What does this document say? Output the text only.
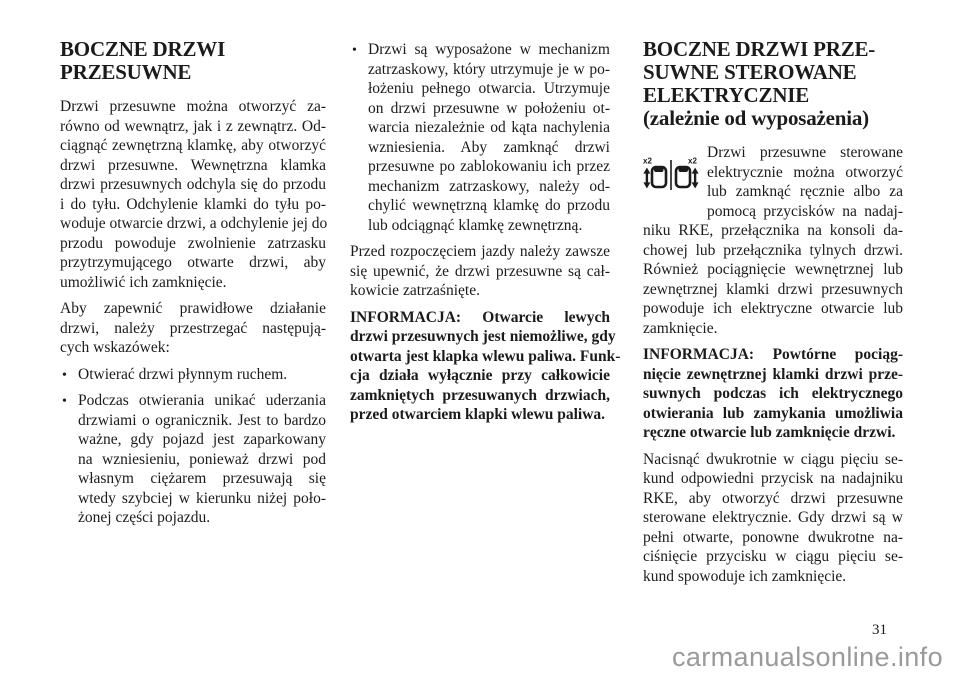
BOCZNE DRZWI
PRZESUWNE
Drzwi przesuwne można otworzyć za-
równo od wewnątrz, jak i z zewnątrz. Od-
ciągnąć zewnętrzną klamkę, aby otworzyć
drzwi przesuwne. Wewnętrzna klamka
drzwi przesuwnych odchyla się do przodu
i do tyłu. Odchylenie klamki do tyłu po-
woduje otwarcie drzwi, a odchylenie jej do
przodu powoduje zwolnienie zatrzasku
przytrzymującego otwarte drzwi, aby
umożliwić ich zamknięcie.
Aby zapewnić prawidłowe działanie
drzwi, należy przestrzegać następują-
cych wskazówek:
• Otwierać drzwi płynnym ruchem.
• Podczas otwierania unikać uderzania
drzwiami o ogranicznik. Jest to bardzo
ważne, gdy pojazd jest zaparkowany
na wzniesieniu, ponieważ drzwi pod
własnym ciężarem przesuwają się
wtedy szybciej w kierunku niżej poło-
żonej części pojazdu.
• Drzwi są wyposażone w mechanizm
zatrzaskowy, który utrzymuje je w po-
łożeniu pełnego otwarcia. Utrzymuje
on drzwi przesuwne w położeniu ot-
warcia niezależnie od kąta nachylenia
wzniesienia. Aby zamknąć drzwi
przesuwne po zablokowaniu ich przez
mechanizm zatrzaskowy, należy od-
chylić wewnętrzną klamkę do przodu
lub odciągnąć klamkę zewnętrzną.
Przed rozpoczęciem jazdy należy zawsze
się upewnić, że drzwi przesuwne są cał-
kowicie zatrzaśnięte.
INFORMACJA: Otwarcie lewych
drzwi przesuwnych jest niemożliwe, gdy
otwarta jest klapka wlewu paliwa. Funk-
cja działa wyłącznie przy całkowicie
zamkniętych przesuwanych drzwiach,
przed otwarciem klapki wlewu paliwa.
BOCZNE DRZWI PRZE-
SUWNE STEROWANE
ELEKTRYCZNIE
(zależnie od wyposażenia)
x2	x2 Drzwi przesuwne sterowane
elektrycznie można otworzyć
lub zamknąć ręcznie albo za
pomocą przycisków na nadaj-
niku RKE, przełącznika na konsoli da-
chowej lub przełącznika tylnych drzwi.
Również pociągnięcie wewnętrznej lub
zewnętrznej klamki drzwi przesuwnych
powoduje ich elektryczne otwarcie lub
zamknięcie.
INFORMACJA: Powtórne pociąg-
nięcie zewnętrznej klamki drzwi prze-
suwnych podczas ich elektrycznego
otwierania lub zamykania umożliwia
ręczne otwarcie lub zamknięcie drzwi.
Nacisnąć dwukrotnie w ciągu pięciu se-
kund odpowiedni przycisk na nadajniku
RKE, aby otworzyć drzwi przesuwne
sterowane elektrycznie. Gdy drzwi są w
pełni otwarte, ponowne dwukrotne na-
ciśnięcie przycisku w ciągu pięciu se-
kund spowoduje ich zamknięcie.
31
carmanualsonline.info
